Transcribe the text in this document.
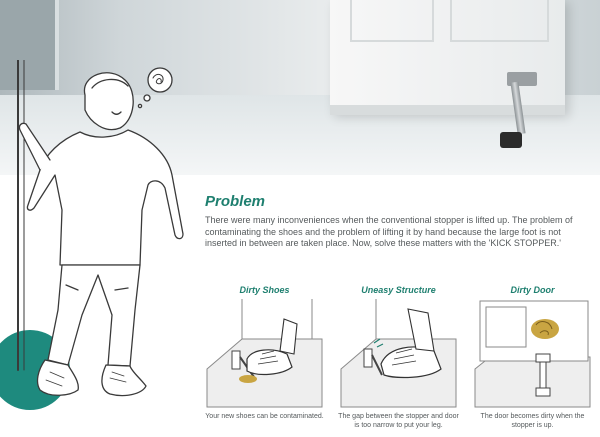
Problem
There were many inconveniences when the conventional stopper is lifted up. The problem of contaminating the shoes and the problem of lifting it by hand because the large foot is not inserted in between are taken place. Now, solve these matters with the 'KICK STOPPER.'
Dirty Shoes
Your new shoes can be contaminated.
Uneasy Structure
The gap between the stopper and door is too narrow to put your leg.
Dirty Door
The door becomes dirty when the stopper is up.
